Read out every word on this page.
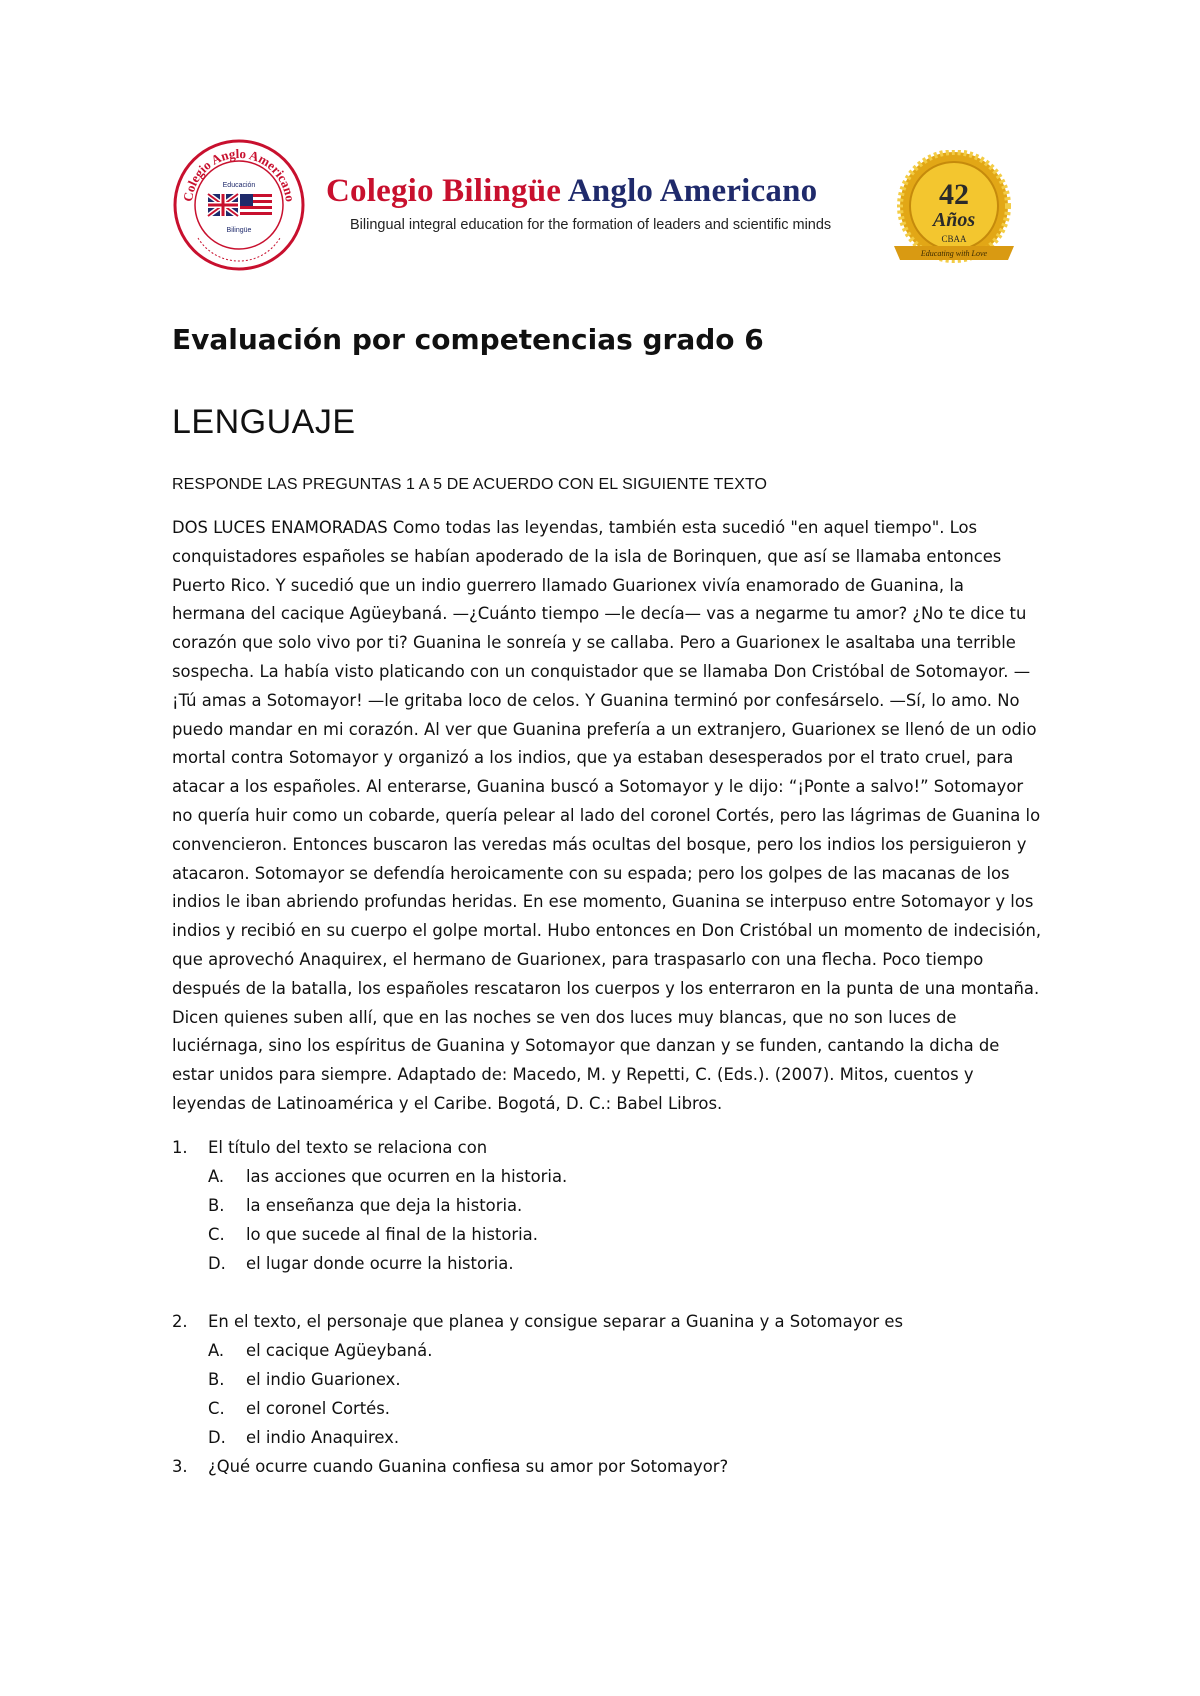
Colegio Anglo Americano
Educación
Bilingüe
Colegio Bilingüe Anglo Americano
Bilingual integral education for the formation of leaders and scientific minds
42
Años
CBAA
Educating with Love
Evaluación por competencias grado 6
LENGUAJE

RESPONDE LAS PREGUNTAS 1 A 5 DE ACUERDO CON EL SIGUIENTE TEXTO

DOS LUCES ENAMORADAS Como todas las leyendas, también esta sucedió "en aquel tiempo". Los conquistadores españoles se habían apoderado de la isla de Borinquen, que así se llamaba entonces Puerto Rico. Y sucedió que un indio guerrero llamado Guarionex vivía enamorado de Guanina, la hermana del cacique Agüeybaná. —¿Cuánto tiempo —le decía— vas a negarme tu amor? ¿No te dice tu corazón que solo vivo por ti? Guanina le sonreía y se callaba. Pero a Guarionex le asaltaba una terrible sospecha. La había visto platicando con un conquistador que se llamaba Don Cristóbal de Sotomayor. —¡Tú amas a Sotomayor! —le gritaba loco de celos. Y Guanina terminó por confesárselo. —Sí, lo amo. No puedo mandar en mi corazón. Al ver que Guanina prefería a un extranjero, Guarionex se llenó de un odio mortal contra Sotomayor y organizó a los indios, que ya estaban desesperados por el trato cruel, para atacar a los españoles. Al enterarse, Guanina buscó a Sotomayor y le dijo: “¡Ponte a salvo!” Sotomayor no quería huir como un cobarde, quería pelear al lado del coronel Cortés, pero las lágrimas de Guanina lo convencieron. Entonces buscaron las veredas más ocultas del bosque, pero los indios los persiguieron y atacaron. Sotomayor se defendía heroicamente con su espada; pero los golpes de las macanas de los indios le iban abriendo profundas heridas. En ese momento, Guanina se interpuso entre Sotomayor y los indios y recibió en su cuerpo el golpe mortal. Hubo entonces en Don Cristóbal un momento de indecisión, que aprovechó Anaquirex, el hermano de Guarionex, para traspasarlo con una flecha. Poco tiempo después de la batalla, los españoles rescataron los cuerpos y los enterraron en la punta de una montaña. Dicen quienes suben allí, que en las noches se ven dos luces muy blancas, que no son luces de luciérnaga, sino los espíritus de Guanina y Sotomayor que danzan y se funden, cantando la dicha de estar unidos para siempre. Adaptado de: Macedo, M. y Repetti, C. (Eds.). (2007). Mitos, cuentos y leyendas de Latinoamérica y el Caribe. Bogotá, D. C.: Babel Libros.

1. El título del texto se relaciona con
A. las acciones que ocurren en la historia.
B. la enseñanza que deja la historia.
C. lo que sucede al final de la historia.
D. el lugar donde ocurre la historia.
2. En el texto, el personaje que planea y consigue separar a Guanina y a Sotomayor es
A. el cacique Agüeybaná.
B. el indio Guarionex.
C. el coronel Cortés.
D. el indio Anaquirex.
3. ¿Qué ocurre cuando Guanina confiesa su amor por Sotomayor?
